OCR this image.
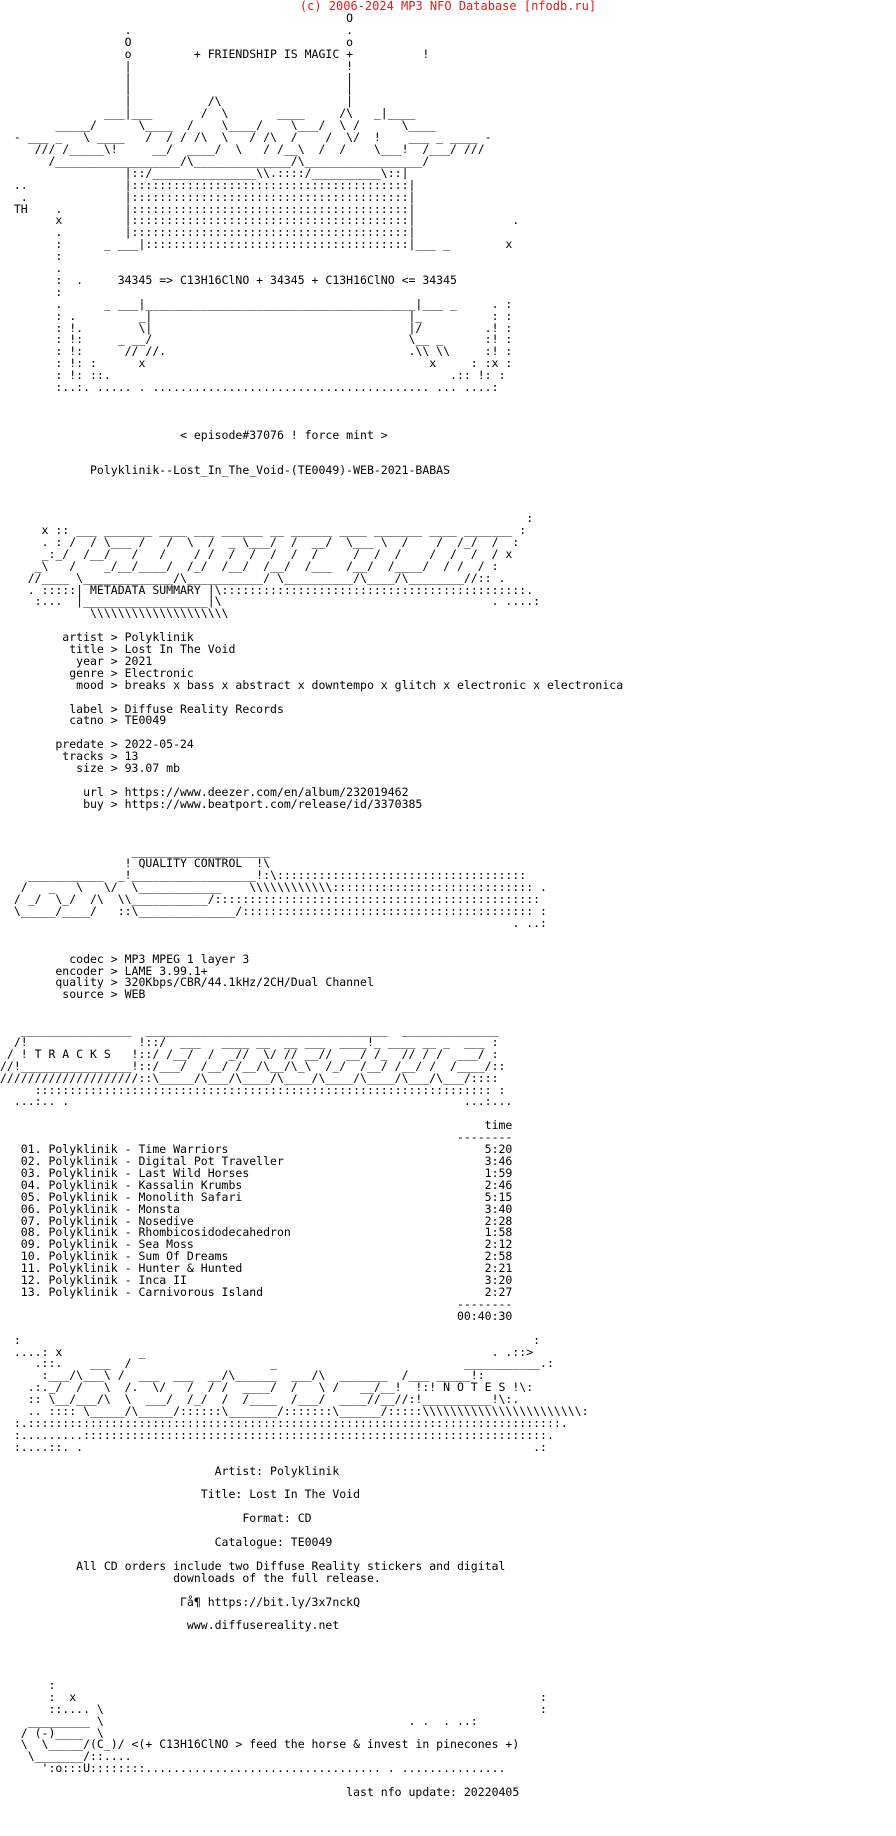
(c) 2006-2024 MP3 NFO Database [nfodb.ru]
O
.                               .
O                               o
o         + FRIENDSHIP IS MAGIC +          !
|                               !
|                               |
|                               |
|           /\                  |
___|___       /  \       ____     /\   _|____
_____/      \____  /    \____/    \___/  \ /      \____
- ___ _   \ ____   /  / / /\  \   / /\  /    /  \/  !    ___ _ ____ -
/// /_____\!     __/  ____/  \   / /__\  /  /    \___!  /___/ ///
/__________________/\______________/\_________________/
|::/_______________\\.::::/__________\::|
..              |::::::::::::::::::::::::::::::::::::::::|
.              |::::::::::::::::::::::::::::::::::::::::|
TH    .         |::::::::::::::::::::::::::::::::::::::::|
x         |::::::::::::::::::::::::::::::::::::::::|              .
.         |::::::::::::::::::::::::::::::::::::::::|
:      _ ___|::::::::::::::::::::::::::::::::::::::|___ _        x
:
.
:  .     34345 => C13H16ClNO + 34345 + C13H16ClNO <= 34345
:
.      _ ___|_______________________________________|___ _     . :
: .         _|                                     |_          : :
: !.        \|                                     |/         .! :
: !:     _ __/                                     \__ _      :! :
: !:      // //.                                   .\\ \\     :! :
: !: :      x                                         x     : :x :
: !: ::.                                                 .:: !: :
:..:. ..... . ........................................ ... ....:

< episode#37076 ! force mint >

Polyklinik--Lost_In_The_Void-(TE0049)-WEB-2021-BABAS

:
x :: ___ _______ ____ ___ ______ __ ______ ____ _______ ____ _______ :
. : /  / \___ /   /  \  /  _ \___/  /  __/  \___ \  /    /  /_/  /  :
_:_/  /__/   /   /    / /  /  /  /  /  /     /  /  /    /  /  /  / x
_\   /    _/__/____/  /_/  /__/  /__/  /___  /__/  /____/  / /  / :
//____ \_____________/\___________/ \__________/\____/\________//:: .
. :::::| METADATA SUMMARY |\::::::::::::::::::::::::::::::::::::::::::::.
:...  |__________________|\                                       . ....:
\\\\\\\\\\\\\\\\\\\\

artist > Polyklinik
title > Lost In The Void
year > 2021
genre > Electronic
mood > breaks x bass x abstract x downtempo x glitch x electronic x electronica

label > Diffuse Reality Records
catno > TE0049

predate > 2022-05-24
tracks > 13
size > 93.07 mb

url > https://www.deezer.com/en/album/232019462
buy > https://www.beatport.com/release/id/3370385

____________________
! QUALITY CONTROL  !\
___________  _!__________________!:\::::::::::::::::::::::::::::::::::::
/   _   \   \/  \____________    \\\\\\\\\\\\::::::::::::::::::::::::::::: .
/ _/  \_/  /\  \\___________/:::::::::::::::::::::::::::::::::::::::::::::::
\_____/____/   ::\______________/:::::::::::::::::::::::::::::::::::::::::: :
. ..:

codec > MP3 MPEG 1 layer 3
encoder > LAME 3.99.1+
quality > 320Kbps/CBR/44.1kHz/2CH/Dual Channel
source > WEB

________________  ___________________________________  ______________
/!                !::/  ___   ____ __  __ ___  ____!_ ____ __ _  ___ :
/ ! T R A C K S   !::/ /__/  /  _//  \/ // __//  __/ /_  // / /  ___/ :
//!________________!::/___/  /__/ /__/\__/\_\  /_/  /__/ /__/ /  /____/::
////////////////////::\_____/\___/\____/\____/\____/\____/\___/\___/::::
:::::::::::::::::::::::::::::::::::::::::::::::::::::::::::::::::: :
...:.. .                                                         ...:...

time
--------
01. Polyklinik - Time Warriors                                     5:20
02. Polyklinik - Digital Pot Traveller                             3:46
03. Polyklinik - Last Wild Horses                                  1:59
04. Polyklinik - Kassalin Krumbs                                   2:46
05. Polyklinik - Monolith Safari                                   5:15
06. Polyklinik - Monsta                                            3:40
07. Polyklinik - Nosedive                                          2:28
08. Polyklinik - Rhombicosidodecahedron                            1:58
09. Polyklinik - Sea Moss                                          2:12
10. Polyklinik - Sum Of Dreams                                     2:58
11. Polyklinik - Hunter & Hunted                                   2:21
12. Polyklinik - Inca II                                           3:20
13. Polyklinik - Carnivorous Island                                2:27
--------
00:40:30

:                                                                          :
....: x           _                                                  . .::>
.::.    ___  /                    _                           ___________.:
:___/\___\ /  ___  ___  __/\______  ___/\  _______  /___ _____!:
.:._/  /   \  /.  \/   /  / /  ____/  /   \ /   __/__!  !:! N O T E S !\:
:: \__/___/\  \  ___/  /_/  /  /____  /___/  ____//__//:!__________!\:.
.. :::: \_____/\_____/::::::\_______/:::::::\______/:::::\\\\\\\\\\\\\\\\\\\\\\\:
:.:::::::::::::::::::::::::::::::::::::::::::::::::::::::::::::::::::::::::::::.
:.........:::::::::::::::::::::::::::::::::::::::::::::::::::::::::::::::::::.
:....::. .                                                                 .:

Artist: Polyklinik

Title: Lost In The Void

Format: CD

Catalogue: TE0049

All CD orders include two Diffuse Reality stickers and digital
downloads of the full release.

Γå¶ https://bit.ly/3x7nckQ

www.diffusereality.net

:
:  x                                                                   :
::.... \                                                               :
_________ \                                            . .  . ..:
/ (-)____  \
\  \_____/(C_)/ <(+ C13H16ClNO > feed the horse & invest in pinecones +)
\_______/::....
':o:::U::::::::.................................. . ...............

last nfo update: 20220405
